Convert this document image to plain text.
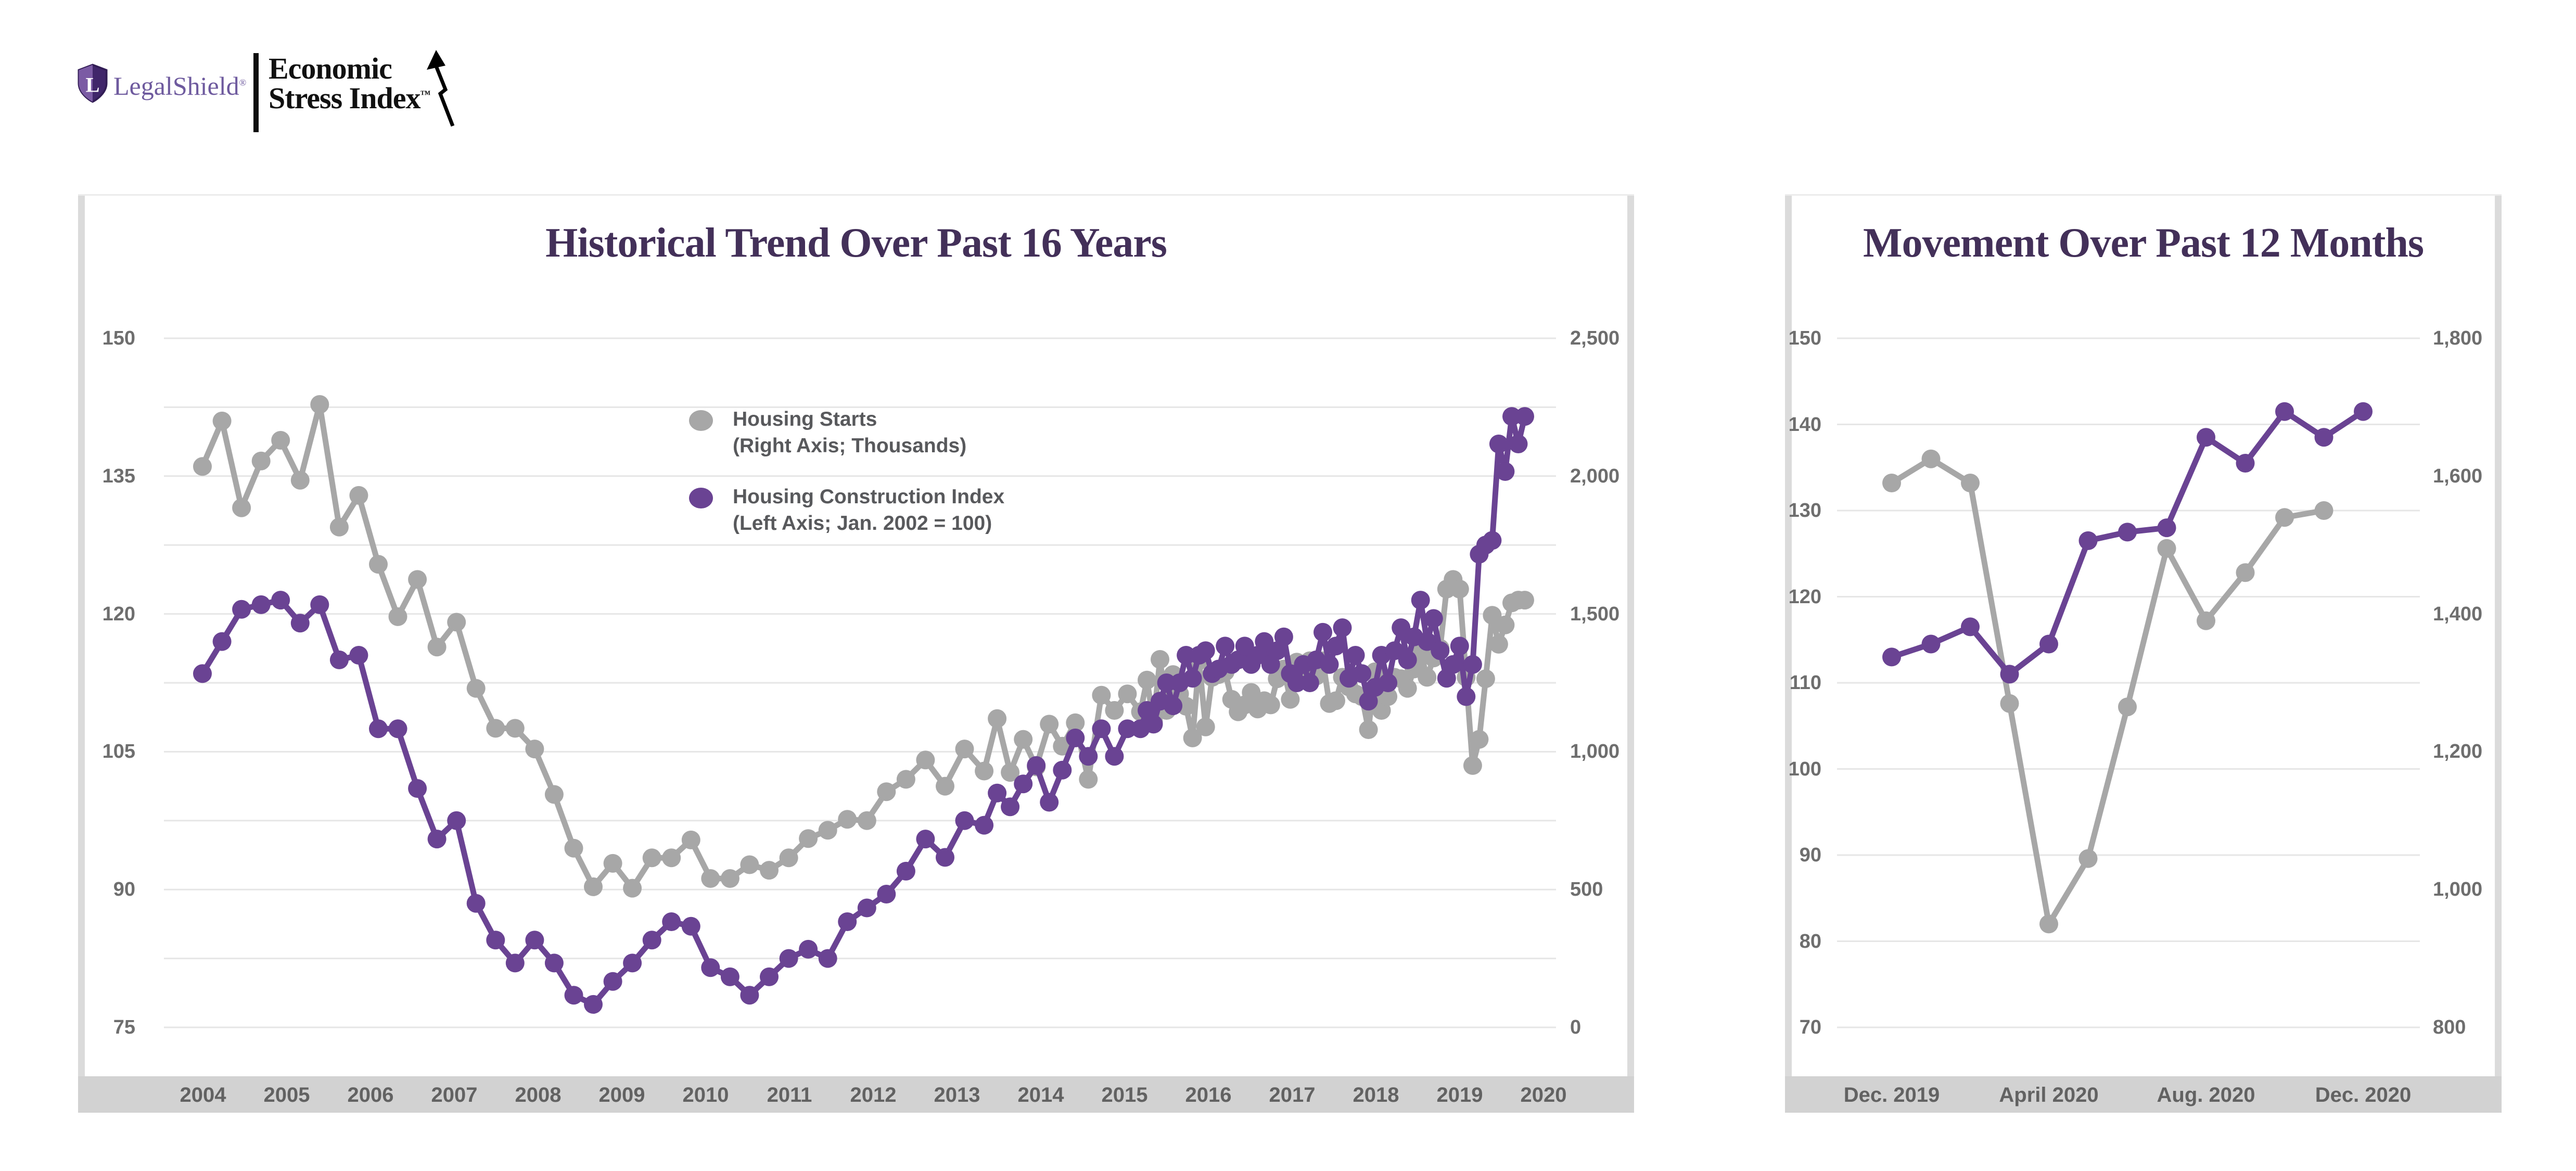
L LegalShield® Economic
Stress Index™
Historical Trend Over Past 16 Years
Housing Starts
(Right Axis; Thousands)
Housing Construction Index
(Left Axis; Jan. 2002 = 100)
150
135
120
105
90
75
2,500
2,000
1,500
1,000
500
0
2004 2005 2006 2007 2008 2009 2010 2011 2012 2013 2014 2015 2016 2017 2018 2019 2020
Movement Over Past 12 Months
150
140
130
120
110
100
90
80
70
1,800
1,600
1,400
1,200
1,000
800
Dec. 2019	April 2020	Aug. 2020	Dec. 2020
